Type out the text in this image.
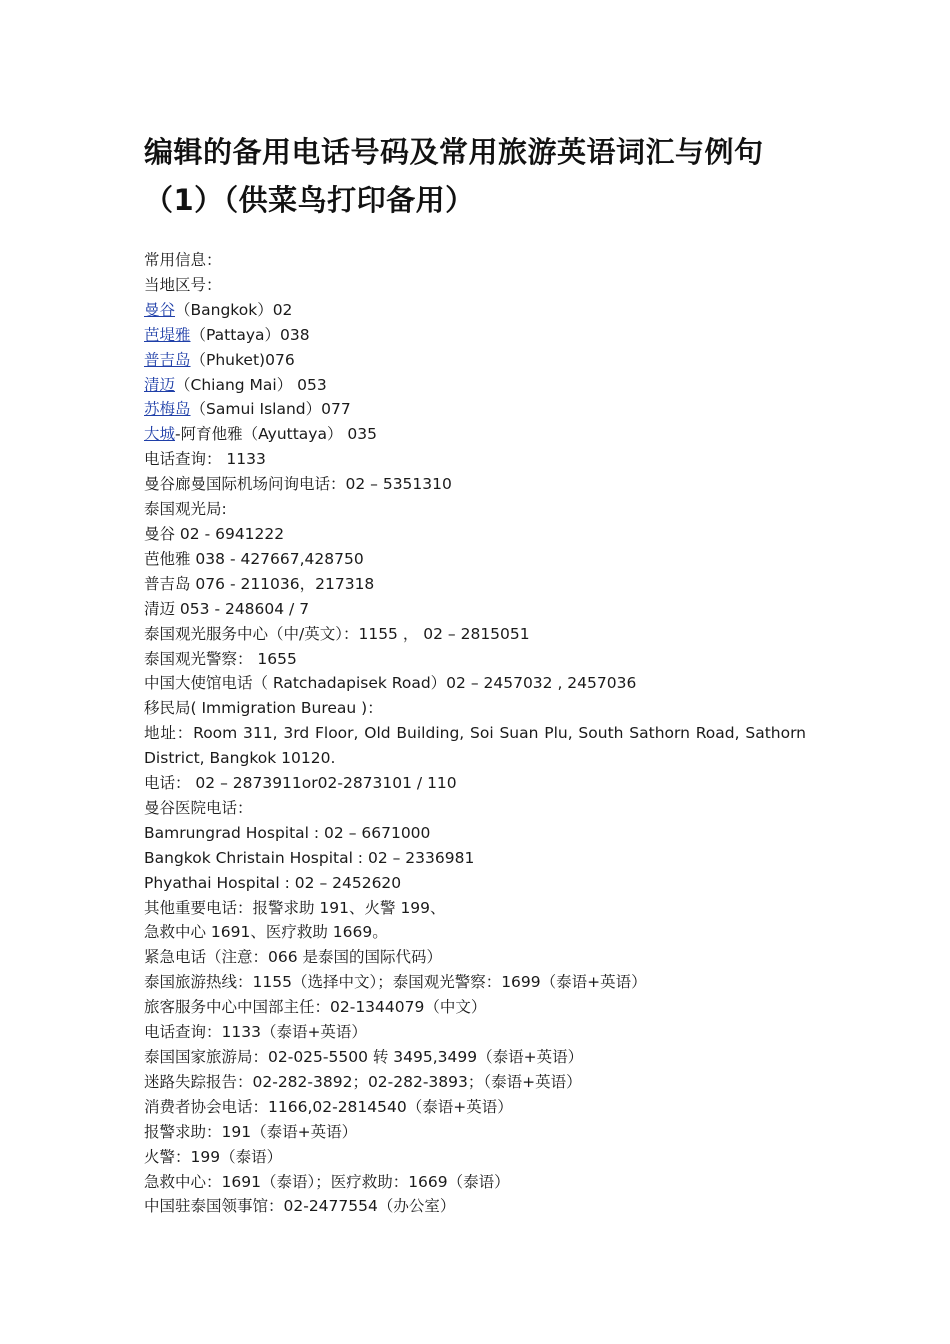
编辑的备用电话号码及常用旅游英语词汇与例句（1）（供菜鸟打印备用）
常用信息：
当地区号：
曼谷（Bangkok）02
芭堤雅（Pattaya）038
普吉岛（Phuket)076
清迈（Chiang Mai） 053
苏梅岛（Samui Island）077
大城-阿育他雅（Ayuttaya） 035
电话查询： 1133
曼谷廊曼国际机场问询电话：02 – 5351310
泰国观光局:
曼谷 02 - 6941222
芭他雅 038 - 427667,428750
普吉岛 076 - 211036，217318
清迈 053 - 248604 / 7
泰国观光服务中心（中/英文）：1155 ， 02 – 2815051
泰国观光警察： 1655
中国大使馆电话（ Ratchadapisek Road）02 – 2457032 , 2457036
移民局( Immigration Bureau )：
地址：Room 311, 3rd Floor, Old Building, Soi Suan Plu, South Sathorn Road, Sathorn District, Bangkok 10120.
电话： 02 – 2873911or02-2873101 / 110
曼谷医院电话：
Bamrungrad Hospital : 02 – 6671000
Bangkok Christain Hospital : 02 – 2336981
Phyathai Hospital : 02 – 2452620
其他重要电话：报警求助 191、火警 199、
急救中心 1691、医疗救助 1669。
紧急电话（注意：066 是泰国的国际代码）
泰国旅游热线：1155（选择中文）；泰国观光警察：1699（泰语+英语）
旅客服务中心中国部主任：02-1344079（中文）
电话查询：1133（泰语+英语）
泰国国家旅游局：02-025-5500 转 3495,3499（泰语+英语）
迷路失踪报告：02-282-3892；02-282-3893；（泰语+英语）
消费者协会电话：1166,02-2814540（泰语+英语）
报警求助：191（泰语+英语）
火警：199（泰语）
急救中心：1691（泰语）；医疗救助：1669（泰语）
中国驻泰国领事馆：02-2477554（办公室）
